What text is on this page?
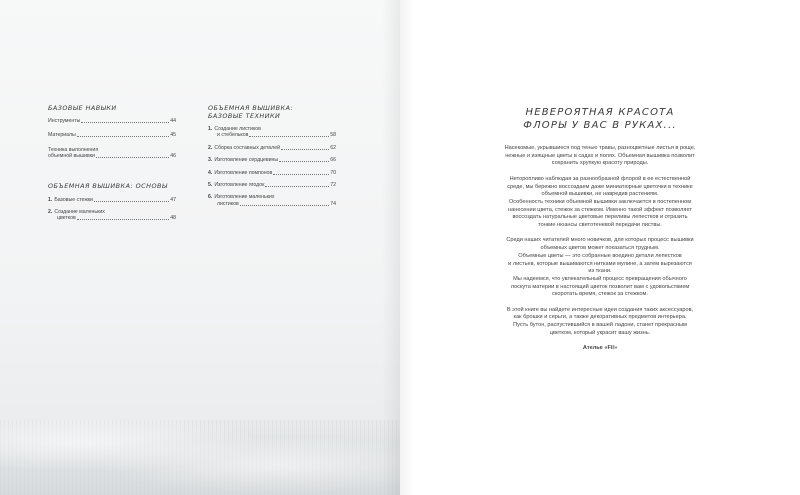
БАЗОВЫЕ НАВЫКИ
Инструменты	44
Материалы	45
Техника выполнения
объемной вышивки	46
ОБЪЕМНАЯ ВЫШИВКА: ОСНОВЫ
1. Базовые стежки	47
2. Создание маленьких
цветков	48
ОБЪЕМНАЯ ВЫШИВКА:
БАЗОВЫЕ ТЕХНИКИ
1. Создание листиков
и стебельков	58
2. Сборка составных деталей	62
3. Изготовление сердцевины	66
4. Изготовление помпонов	70
5. Изготовление ягодок	72
6. Изготовление маленьких
листиков	74
НЕВЕРОЯТНАЯ КРАСОТА
ФЛОРЫ У ВАС В РУКАХ...

Насекомые, укрывшиеся под тенью травы, разноцветные листья в роще,

нежные и изящные цветы в садах и полях. Объемная вышивка позволит

сохранить хрупкую красоту природы.

Неторопливо наблюдая за разнообразной флорой в ее естественной

среде, мы бережно воссоздаем даже миниатюрные цветочки в технике

объемной вышивки, не навредив растениям.

Особенность техники объемной вышивки заключается в постепенном

нанесении цвета, стежок за стежком. Именно такой эффект позволяет

воссоздать натуральные цветовые переливы лепестков и отразить

тонкие нюансы светотеневой передачи листвы.

Среди наших читателей много новичков, для которых процесс вышивки

объемных цветов может показаться трудным.

Объемные цветы — это собранные воедино детали лепестков

и листьев, которые вышиваются нитками мулине, а затем вырезаются

из ткани.

Мы надеемся, что увлекательный процесс превращения обычного

лоскута материи в настоящий цветок позволит вам с удовольствием

скоротать время, стежок за стежком.

В этой книге вы найдете интересные идеи создания таких аксессуаров,

как брошки и серьги, а также декоративных предметов интерьера.

Пусть бутон, распустившийся в вашей ладони, станет прекрасным

цветком, который украсит вашу жизнь.

Ателье «Fil»
